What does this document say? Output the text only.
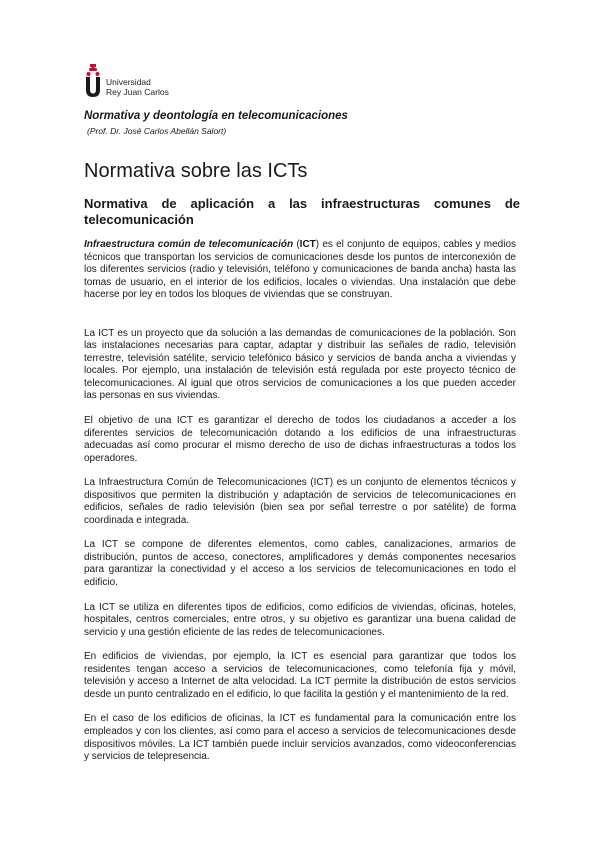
Universidad
Rey Juan Carlos
Normativa y deontología en telecomunicaciones
(Prof. Dr. José Carlos Abellán Salort)
Normativa sobre las ICTs
Normativa de aplicación a las infraestructuras comunes de telecomunicación

Infraestructura común de telecomunicación (ICT) es el conjunto de equipos, cables y medios técnicos que transportan los servicios de comunicaciones desde los puntos de interconexión de los diferentes servicios (radio y televisión, teléfono y comunicaciones de banda ancha) hasta las tomas de usuario, en el interior de los edificios, locales o viviendas. Una instalación que debe hacerse por ley en todos los bloques de viviendas que se construyan.

La ICT es un proyecto que da solución a las demandas de comunicaciones de la población. Son las instalaciones necesarias para captar, adaptar y distribuir las señales de radio, televisión terrestre, televisión satélite, servicio telefónico básico y servicios de banda ancha a viviendas y locales. Por ejemplo, una instalación de televisión está regulada por este proyecto técnico de telecomunicaciones. Al igual que otros servicios de comunicaciones a los que pueden acceder las personas en sus viviendas.

El objetivo de una ICT es garantizar el derecho de todos los ciudadanos a acceder a los diferentes servicios de telecomunicación dotando a los edificios de una infraestructuras adecuadas así como procurar el mismo derecho de uso de dichas infraestructuras a todos los operadores.

La Infraestructura Común de Telecomunicaciones (ICT) es un conjunto de elementos técnicos y dispositivos que permiten la distribución y adaptación de servicios de telecomunicaciones en edificios, señales de radio televisión (bien sea por señal terrestre o por satélite) de forma coordinada e integrada.

La ICT se compone de diferentes elementos, como cables, canalizaciones, armarios de distribución, puntos de acceso, conectores, amplificadores y demás componentes necesarios para garantizar la conectividad y el acceso a los servicios de telecomunicaciones en todo el edificio.

La ICT se utiliza en diferentes tipos de edificios, como edificios de viviendas, oficinas, hoteles, hospitales, centros comerciales, entre otros, y su objetivo es garantizar una buena calidad de servicio y una gestión eficiente de las redes de telecomunicaciones.

En edificios de viviendas, por ejemplo, la ICT es esencial para garantizar que todos los residentes tengan acceso a servicios de telecomunicaciones, como telefonía fija y móvil, televisión y acceso a Internet de alta velocidad. La ICT permite la distribución de estos servicios desde un punto centralizado en el edificio, lo que facilita la gestión y el mantenimiento de la red.

En el caso de los edificios de oficinas, la ICT es fundamental para la comunicación entre los empleados y con los clientes, así como para el acceso a servicios de telecomunicaciones desde dispositivos móviles. La ICT también puede incluir servicios avanzados, como videoconferencias y servicios de telepresencia.
